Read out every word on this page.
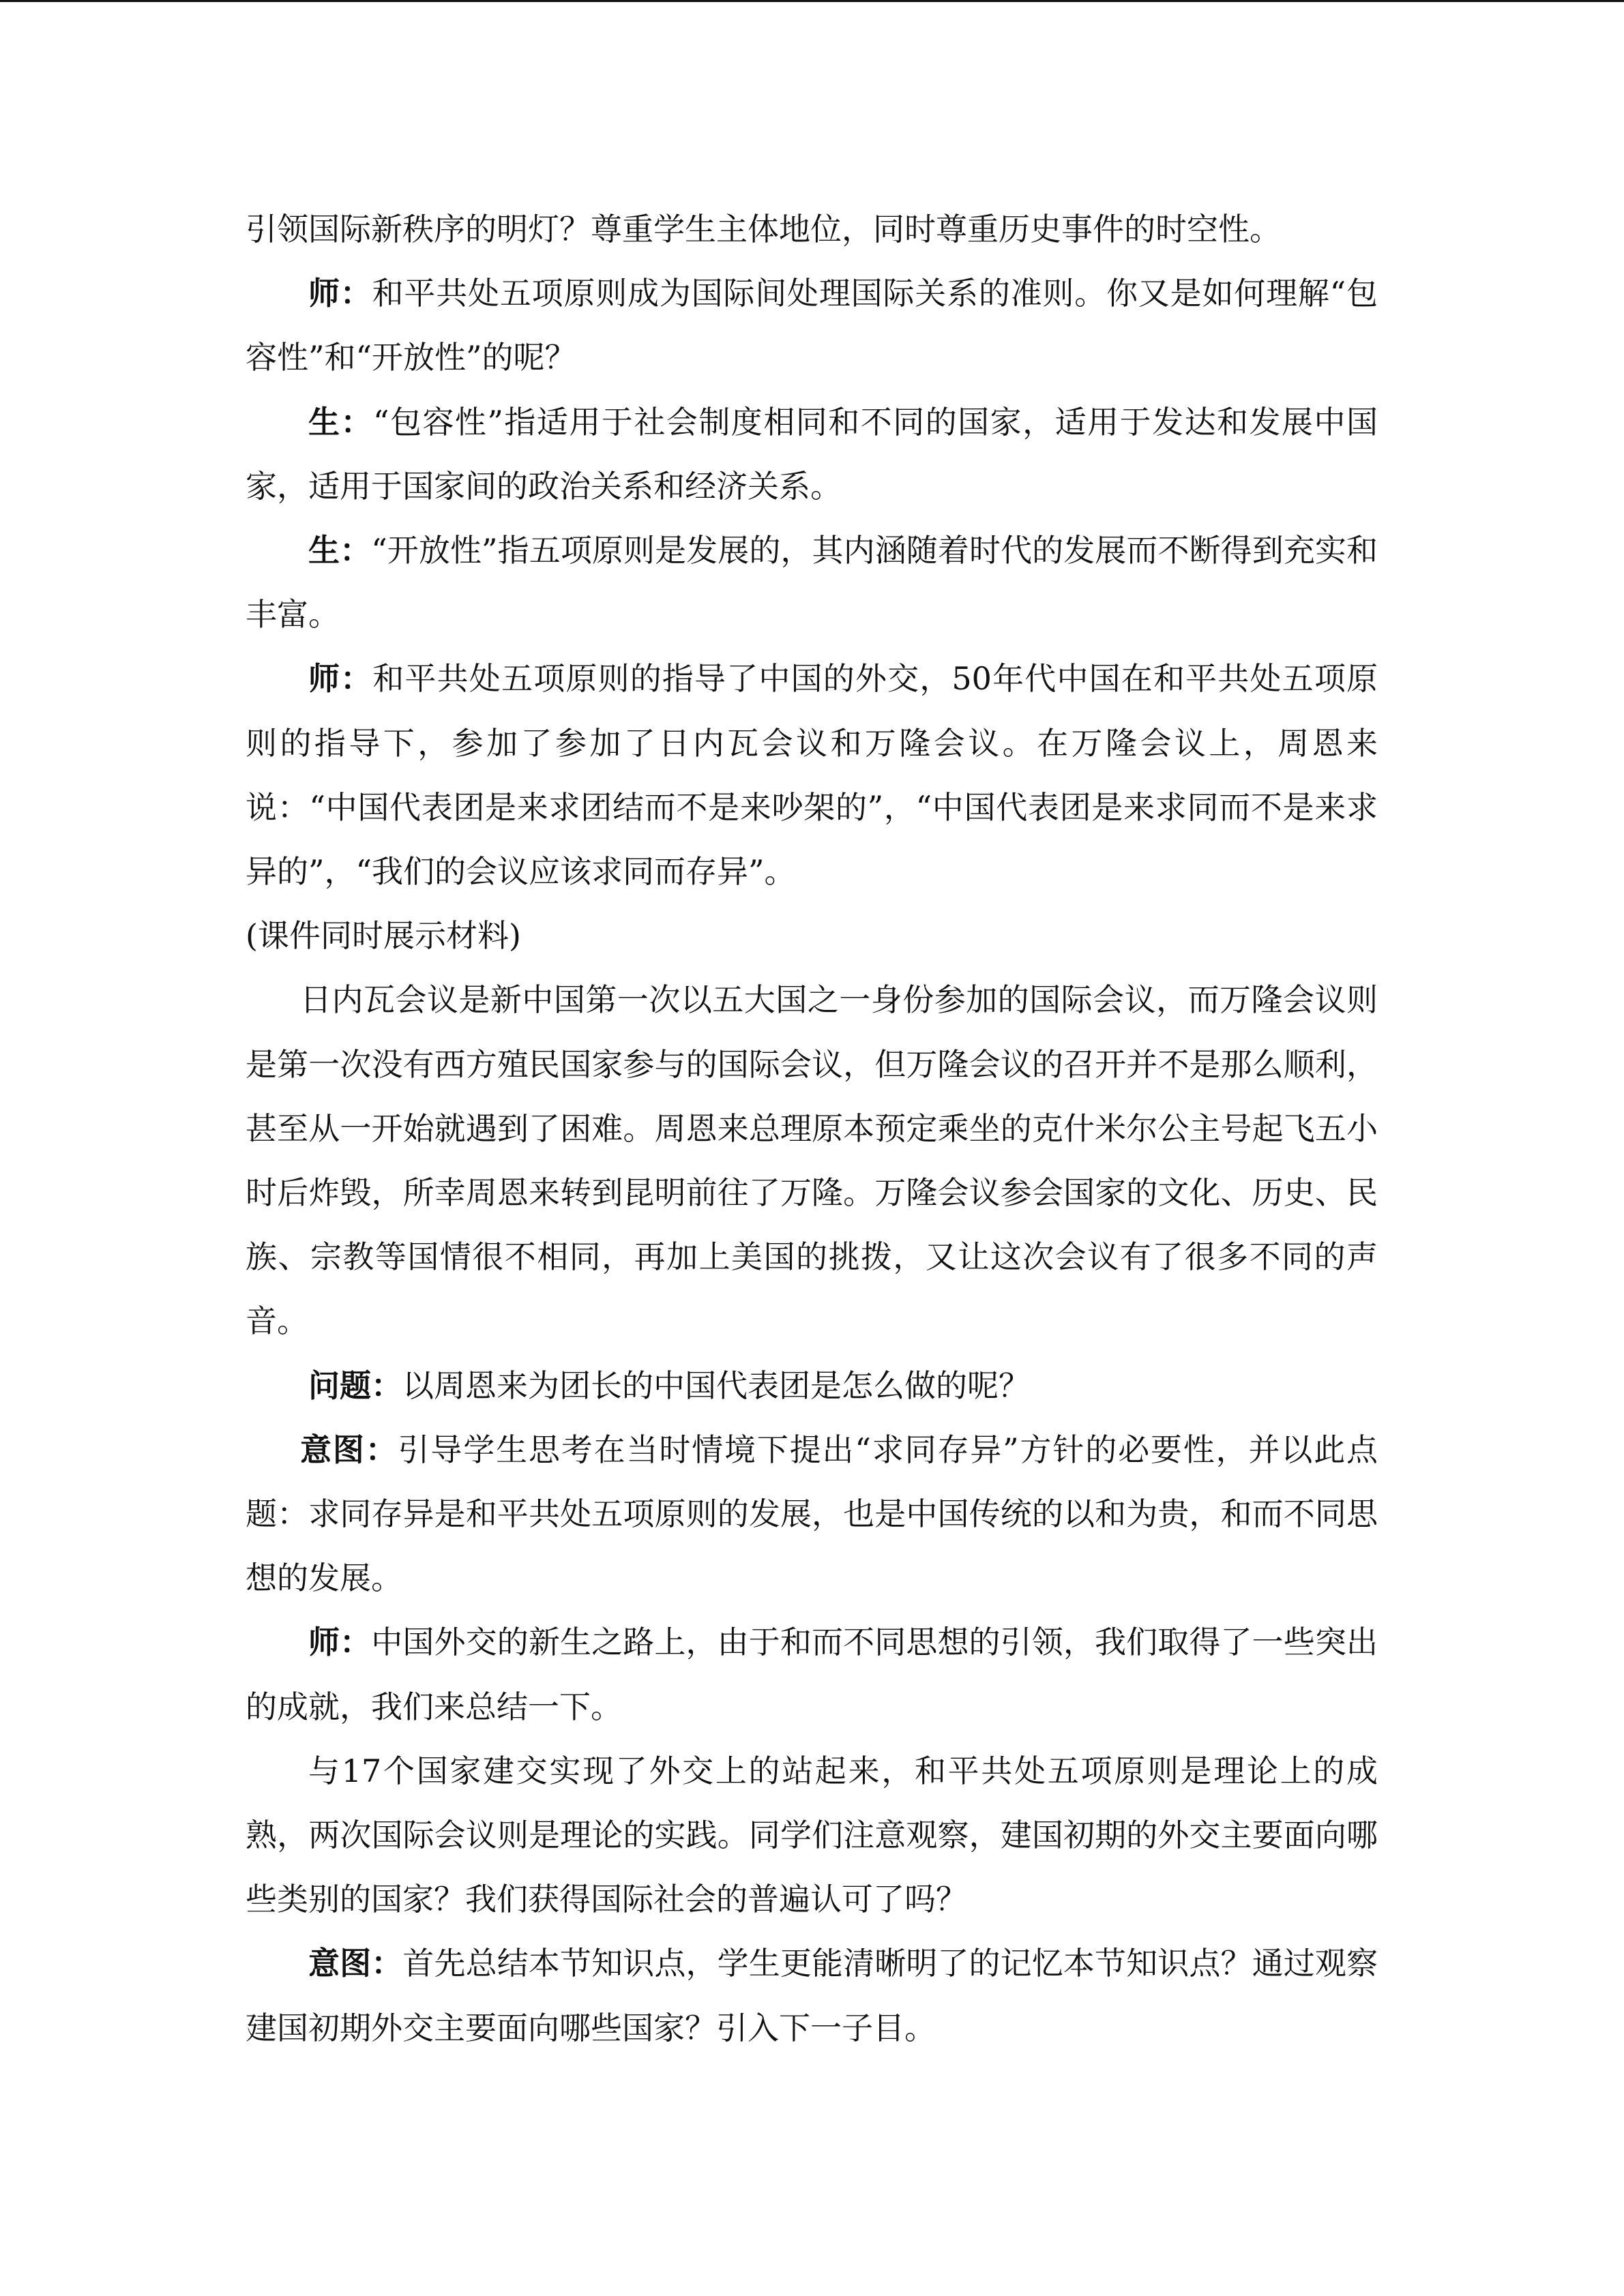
引领国际新秩序的明灯？尊重学生主体地位，同时尊重历史事件的时空性。

师：和平共处五项原则成为国际间处理国际关系的准则。你又是如何理解“包容性”和“开放性”的呢？

生：“包容性”指适用于社会制度相同和不同的国家，适用于发达和发展中国家，适用于国家间的政治关系和经济关系。

生：“开放性”指五项原则是发展的，其内涵随着时代的发展而不断得到充实和丰富。

师：和平共处五项原则的指导了中国的外交，50年代中国在和平共处五项原则的指导下，参加了参加了日内瓦会议和万隆会议。在万隆会议上，周恩来说：“中国代表团是来求团结而不是来吵架的”，“中国代表团是来求同而不是来求异的”，“我们的会议应该求同而存异”。

(课件同时展示材料)

日内瓦会议是新中国第一次以五大国之一身份参加的国际会议，而万隆会议则是第一次没有西方殖民国家参与的国际会议，但万隆会议的召开并不是那么顺利，甚至从一开始就遇到了困难。周恩来总理原本预定乘坐的克什米尔公主号起飞五小时后炸毁，所幸周恩来转到昆明前往了万隆。万隆会议参会国家的文化、历史、民族、宗教等国情很不相同，再加上美国的挑拨，又让这次会议有了很多不同的声音。

问题：以周恩来为团长的中国代表团是怎么做的呢？

意图：引导学生思考在当时情境下提出“求同存异”方针的必要性，并以此点题：求同存异是和平共处五项原则的发展，也是中国传统的以和为贵，和而不同思想的发展。

师：中国外交的新生之路上，由于和而不同思想的引领，我们取得了一些突出的成就，我们来总结一下。

与17个国家建交实现了外交上的站起来，和平共处五项原则是理论上的成熟，两次国际会议则是理论的实践。同学们注意观察，建国初期的外交主要面向哪些类别的国家？我们获得国际社会的普遍认可了吗？

意图：首先总结本节知识点，学生更能清晰明了的记忆本节知识点？通过观察建国初期外交主要面向哪些国家？引入下一子目。
